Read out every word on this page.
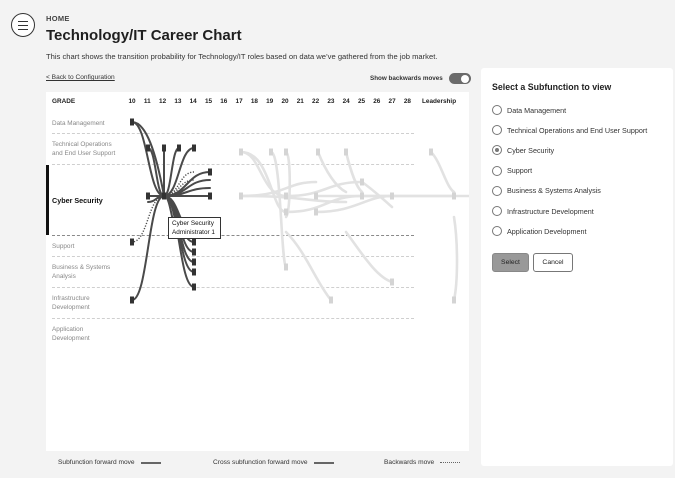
HOME
Technology/IT Career Chart
This chart shows the transition probability for Technology/IT roles based on data we’ve gathered from the job market.
< Back to Configuration	Show backwards moves
GRADE	10	11	12	13	14	15	16	17	18	19	20	21	22	23	24	25	26	27	28	Leadership
Data Management
Technical Operations and End User Support
Cyber Security
Support
Business & Systems Analysis
Infrastructure Development
Application Development
Cyber Security
Administrator 1
Subfunction forward move	Cross subfunction forward move	Backwards move
Select a Subfunction to view
Data Management
Technical Operations and End User Support
Cyber Security
Support
Business & Systems Analysis
Infrastructure Development
Application Development
Select	Cancel
